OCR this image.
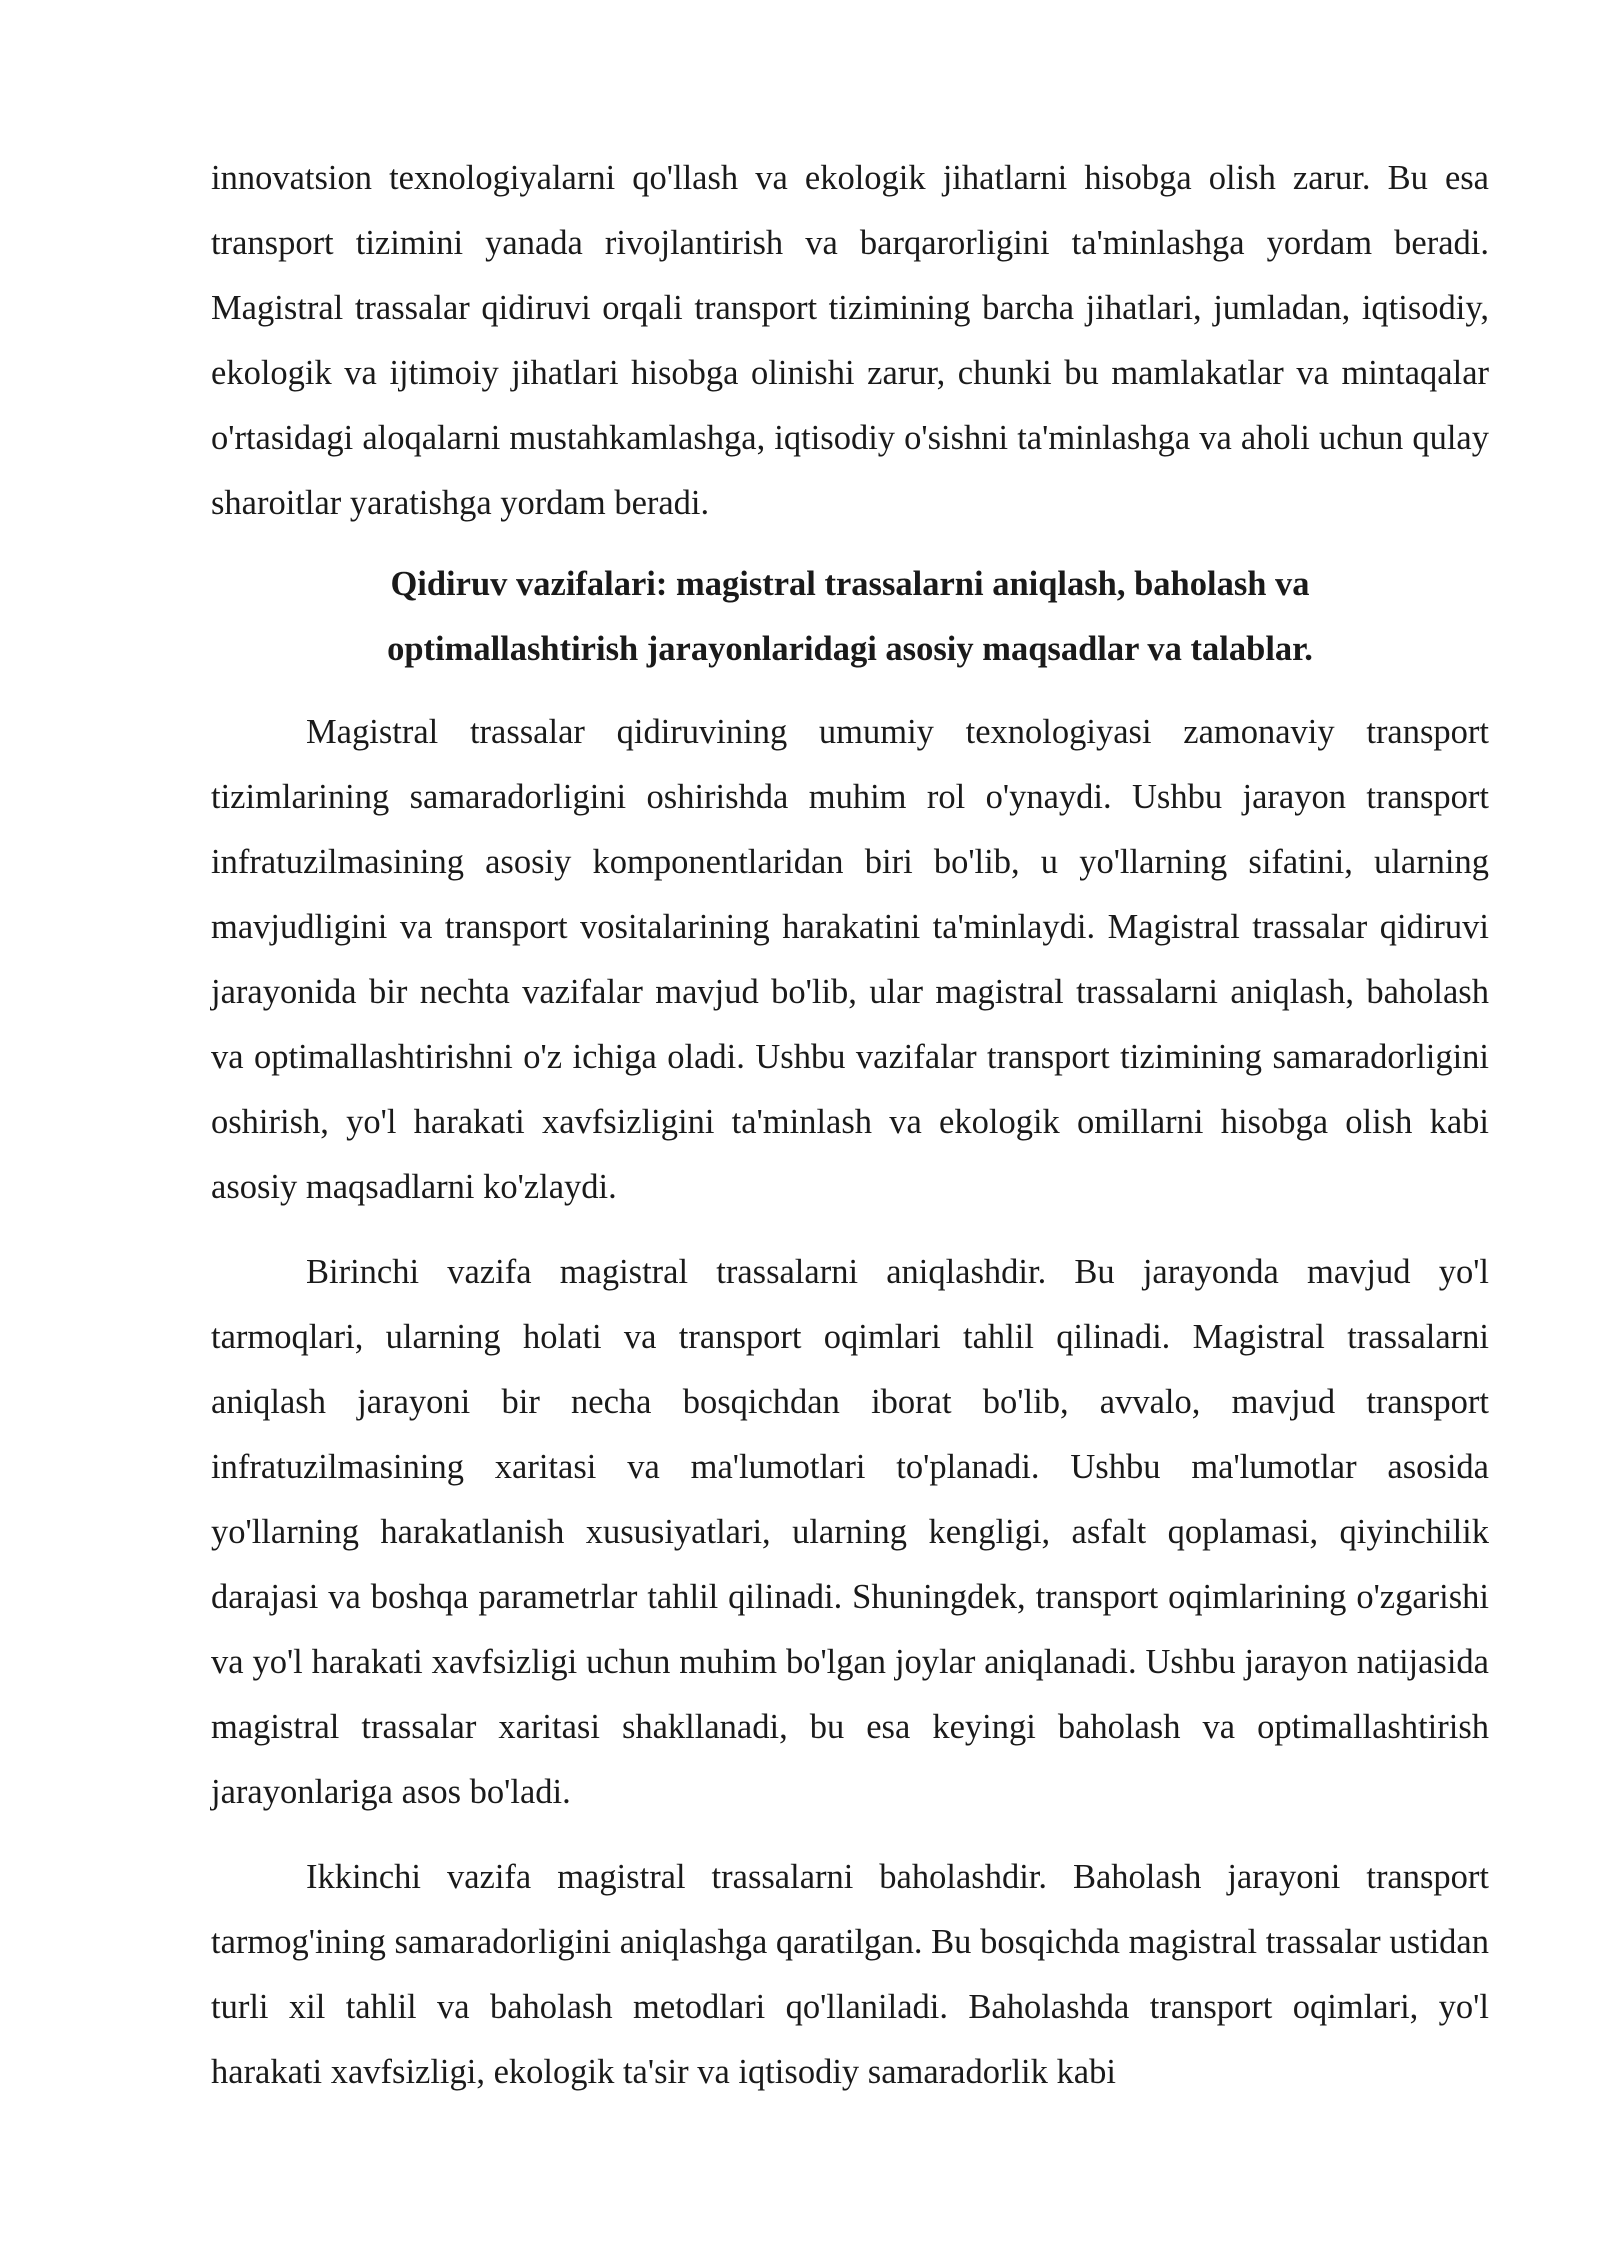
innovatsion texnologiyalarni qo'llash va ekologik jihatlarni hisobga olish zarur. Bu esa transport tizimini yanada rivojlantirish va barqarorligini ta'minlashga yordam beradi. Magistral trassalar qidiruvi orqali transport tizimining barcha jihatlari, jumladan, iqtisodiy, ekologik va ijtimoiy jihatlari hisobga olinishi zarur, chunki bu mamlakatlar va mintaqalar o'rtasidagi aloqalarni mustahkamlashga, iqtisodiy o'sishni ta'minlashga va aholi uchun qulay sharoitlar yaratishga yordam beradi.

Qidiruv vazifalari: magistral trassalarni aniqlash, baholash va optimallashtirish jarayonlaridagi asosiy maqsadlar va talablar.

Magistral trassalar qidiruvining umumiy texnologiyasi zamonaviy transport tizimlarining samaradorligini oshirishda muhim rol o'ynaydi. Ushbu jarayon transport infratuzilmasining asosiy komponentlaridan biri bo'lib, u yo'llarning sifatini, ularning mavjudligini va transport vositalarining harakatini ta'minlaydi. Magistral trassalar qidiruvi jarayonida bir nechta vazifalar mavjud bo'lib, ular magistral trassalarni aniqlash, baholash va optimallashtirishni o'z ichiga oladi. Ushbu vazifalar transport tizimining samaradorligini oshirish, yo'l harakati xavfsizligini ta'minlash va ekologik omillarni hisobga olish kabi asosiy maqsadlarni ko'zlaydi.

Birinchi vazifa magistral trassalarni aniqlashdir. Bu jarayonda mavjud yo'l tarmoqlari, ularning holati va transport oqimlari tahlil qilinadi. Magistral trassalarni aniqlash jarayoni bir necha bosqichdan iborat bo'lib, avvalo, mavjud transport infratuzilmasining xaritasi va ma'lumotlari to'planadi. Ushbu ma'lumotlar asosida yo'llarning harakatlanish xususiyatlari, ularning kengligi, asfalt qoplamasi, qiyinchilik darajasi va boshqa parametrlar tahlil qilinadi. Shuningdek, transport oqimlarining o'zgarishi va yo'l harakati xavfsizligi uchun muhim bo'lgan joylar aniqlanadi. Ushbu jarayon natijasida magistral trassalar xaritasi shakllanadi, bu esa keyingi baholash va optimallashtirish jarayonlariga asos bo'ladi.

Ikkinchi vazifa magistral trassalarni baholashdir. Baholash jarayoni transport tarmog'ining samaradorligini aniqlashga qaratilgan. Bu bosqichda magistral trassalar ustidan turli xil tahlil va baholash metodlari qo'llaniladi. Baholashda transport oqimlari, yo'l harakati xavfsizligi, ekologik ta'sir va iqtisodiy samaradorlik kabi
